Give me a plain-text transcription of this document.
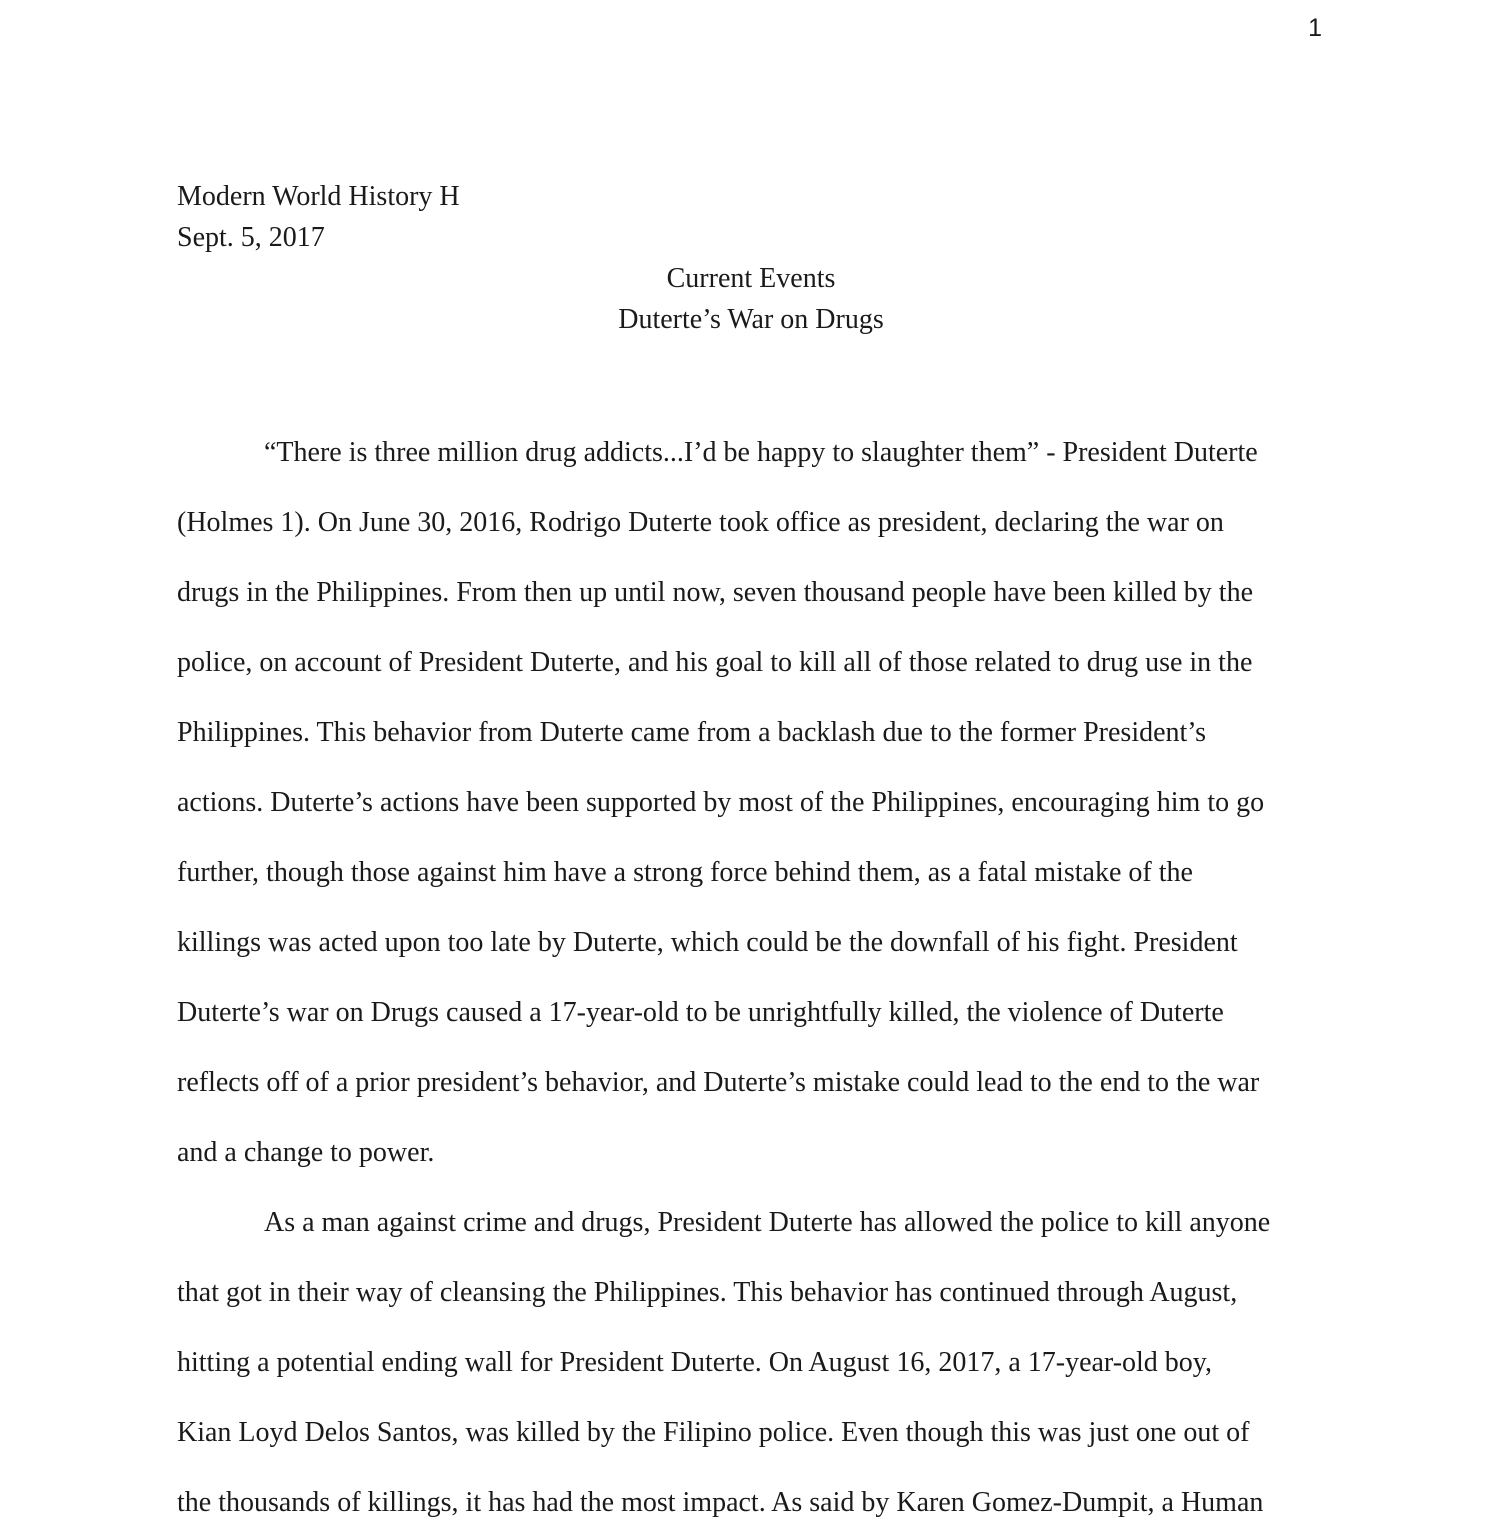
1
Modern World History H
Sept. 5, 2017
Current Events
Duterte’s War on Drugs
“There is three million drug addicts...I’d be happy to slaughter them” - President Duterte
(Holmes 1). On June 30, 2016, Rodrigo Duterte took office as president, declaring the war on
drugs in the Philippines. From then up until now, seven thousand people have been killed by the
police, on account of President Duterte, and his goal to kill all of those related to drug use in the
Philippines. This behavior from Duterte came from a backlash due to the former President’s
actions. Duterte’s actions have been supported by most of the Philippines, encouraging him to go
further, though those against him have a strong force behind them, as a fatal mistake of the
killings was acted upon too late by Duterte, which could be the downfall of his fight. President
Duterte’s war on Drugs caused a 17-year-old to be unrightfully killed, the violence of Duterte
reflects off of a prior president’s behavior, and Duterte’s mistake could lead to the end to the war
and a change to power.
As a man against crime and drugs, President Duterte has allowed the police to kill anyone
that got in their way of cleansing the Philippines. This behavior has continued through August,
hitting a potential ending wall for President Duterte. On August 16, 2017, a 17-year-old boy,
Kian Loyd Delos Santos, was killed by the Filipino police. Even though this was just one out of
the thousands of killings, it has had the most impact. As said by Karen Gomez-Dumpit, a Human
